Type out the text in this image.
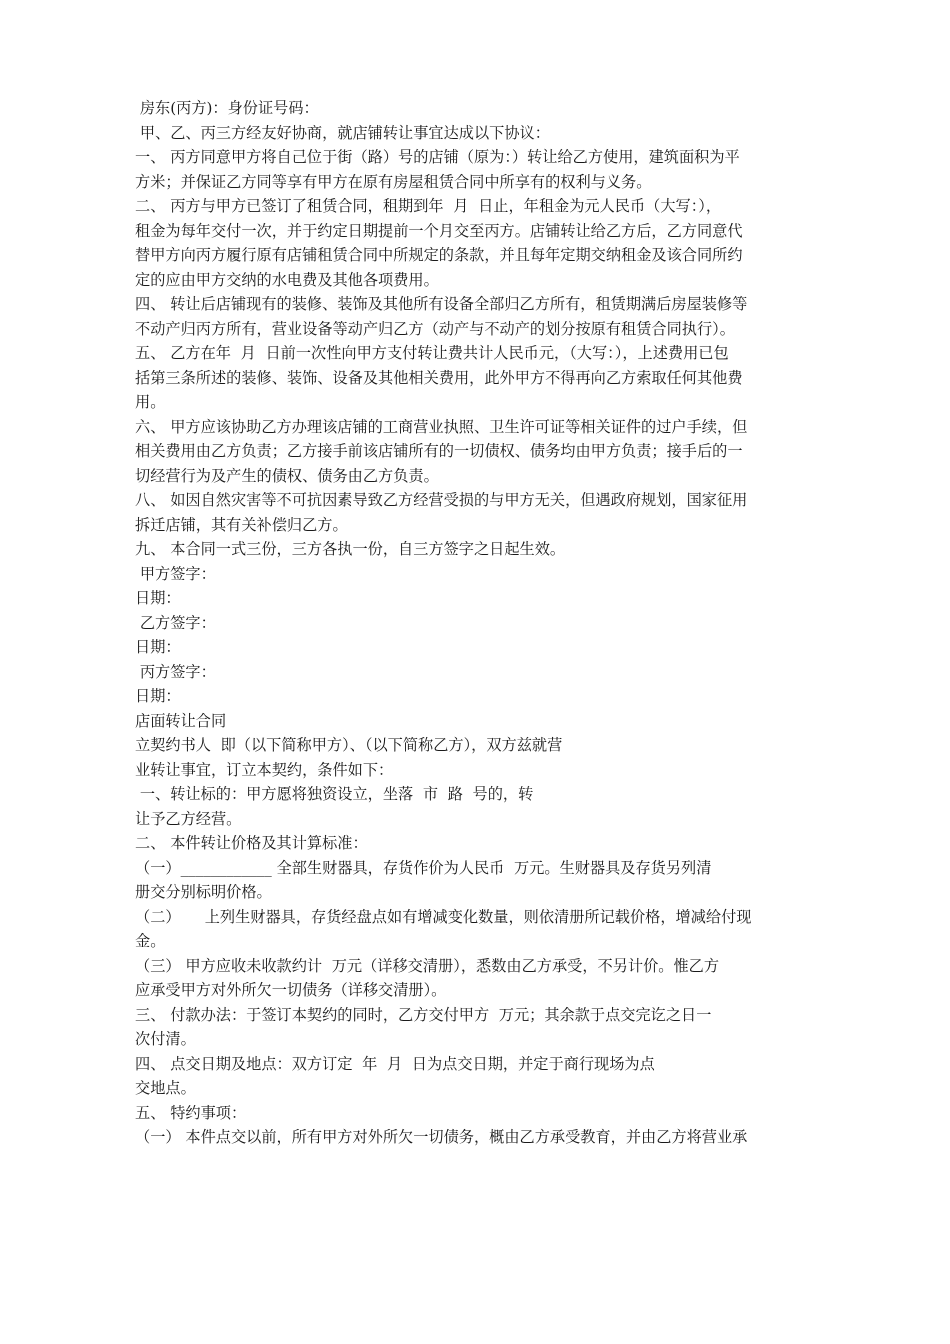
房东(丙方)：身份证号码：
甲、乙、丙三方经友好协商，就店铺转让事宜达成以下协议：
一、 丙方同意甲方将自己位于街（路）号的店铺（原为：）转让给乙方使用，建筑面积为平
方米；并保证乙方同等享有甲方在原有房屋租赁合同中所享有的权利与义务。
二、 丙方与甲方已签订了租赁合同，租期到年  月  日止，年租金为元人民币（大写：），
租金为每年交付一次，并于约定日期提前一个月交至丙方。店铺转让给乙方后，乙方同意代
替甲方向丙方履行原有店铺租赁合同中所规定的条款，并且每年定期交纳租金及该合同所约
定的应由甲方交纳的水电费及其他各项费用。
四、 转让后店铺现有的装修、装饰及其他所有设备全部归乙方所有，租赁期满后房屋装修等
不动产归丙方所有，营业设备等动产归乙方（动产与不动产的划分按原有租赁合同执行）。
五、 乙方在年  月  日前一次性向甲方支付转让费共计人民币元，（大写：），上述费用已包
括第三条所述的装修、装饰、设备及其他相关费用，此外甲方不得再向乙方索取任何其他费
用。
六、 甲方应该协助乙方办理该店铺的工商营业执照、卫生许可证等相关证件的过户手续，但
相关费用由乙方负责；乙方接手前该店铺所有的一切债权、债务均由甲方负责；接手后的一
切经营行为及产生的债权、债务由乙方负责。
八、 如因自然灾害等不可抗因素导致乙方经营受损的与甲方无关，但遇政府规划，国家征用
拆迁店铺，其有关补偿归乙方。
九、 本合同一式三份，三方各执一份，自三方签字之日起生效。
甲方签字：
日期：
乙方签字：
日期：
丙方签字：
日期：
店面转让合同
立契约书人  即（以下简称甲方）、（以下简称乙方），双方兹就营
业转让事宜，订立本契约，条件如下：
一、转让标的：甲方愿将独资设立，坐落  市  路  号的，转
让予乙方经营。
二、 本件转让价格及其计算标准：
（一）____________ 全部生财器具，存货作价为人民币  万元。生财器具及存货另列清
册交分别标明价格。
（二）     上列生财器具，存货经盘点如有增减变化数量，则依清册所记载价格，增减给付现
金。
（三） 甲方应收未收款约计  万元（详移交清册），悉数由乙方承受，不另计价。惟乙方
应承受甲方对外所欠一切债务（详移交清册）。
三、 付款办法：于签订本契约的同时，乙方交付甲方  万元；其余款于点交完讫之日一
次付清。
四、 点交日期及地点：双方订定  年  月  日为点交日期，并定于商行现场为点
交地点。
五、 特约事项：
（一） 本件点交以前，所有甲方对外所欠一切债务，概由乙方承受教育，并由乙方将营业承
